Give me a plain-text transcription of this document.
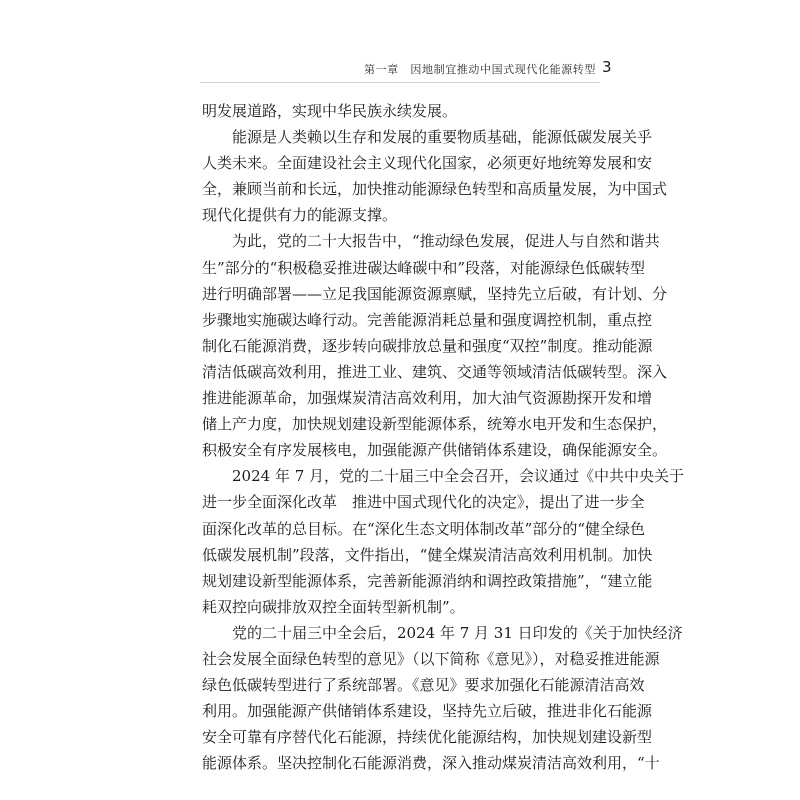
第一章　因地制宜推动中国式现代化能源转型 3
明发展道路，实现中华民族永续发展。
能源是人类赖以生存和发展的重要物质基础，能源低碳发展关乎
人类未来。全面建设社会主义现代化国家，必须更好地统筹发展和安
全，兼顾当前和长远，加快推动能源绿色转型和高质量发展，为中国式
现代化提供有力的能源支撑。
为此，党的二十大报告中，“推动绿色发展，促进人与自然和谐共
生”部分的“积极稳妥推进碳达峰碳中和”段落，对能源绿色低碳转型
进行明确部署——立足我国能源资源禀赋，坚持先立后破，有计划、分
步骤地实施碳达峰行动。完善能源消耗总量和强度调控机制，重点控
制化石能源消费，逐步转向碳排放总量和强度“双控”制度。推动能源
清洁低碳高效利用，推进工业、建筑、交通等领域清洁低碳转型。深入
推进能源革命，加强煤炭清洁高效利用，加大油气资源勘探开发和增
储上产力度，加快规划建设新型能源体系，统筹水电开发和生态保护，
积极安全有序发展核电，加强能源产供储销体系建设，确保能源安全。
2024 年 7 月，党的二十届三中全会召开，会议通过《中共中央关于
进一步全面深化改革　推进中国式现代化的决定》，提出了进一步全
面深化改革的总目标。在“深化生态文明体制改革”部分的“健全绿色
低碳发展机制”段落，文件指出，“健全煤炭清洁高效利用机制。加快
规划建设新型能源体系，完善新能源消纳和调控政策措施”，“建立能
耗双控向碳排放双控全面转型新机制”。
党的二十届三中全会后，2024 年 7 月 31 日印发的《关于加快经济
社会发展全面绿色转型的意见》（以下简称《意见》），对稳妥推进能源
绿色低碳转型进行了系统部署。《意见》要求加强化石能源清洁高效
利用。加强能源产供储销体系建设，坚持先立后破，推进非化石能源
安全可靠有序替代化石能源，持续优化能源结构，加快规划建设新型
能源体系。坚决控制化石能源消费，深入推动煤炭清洁高效利用，“十
